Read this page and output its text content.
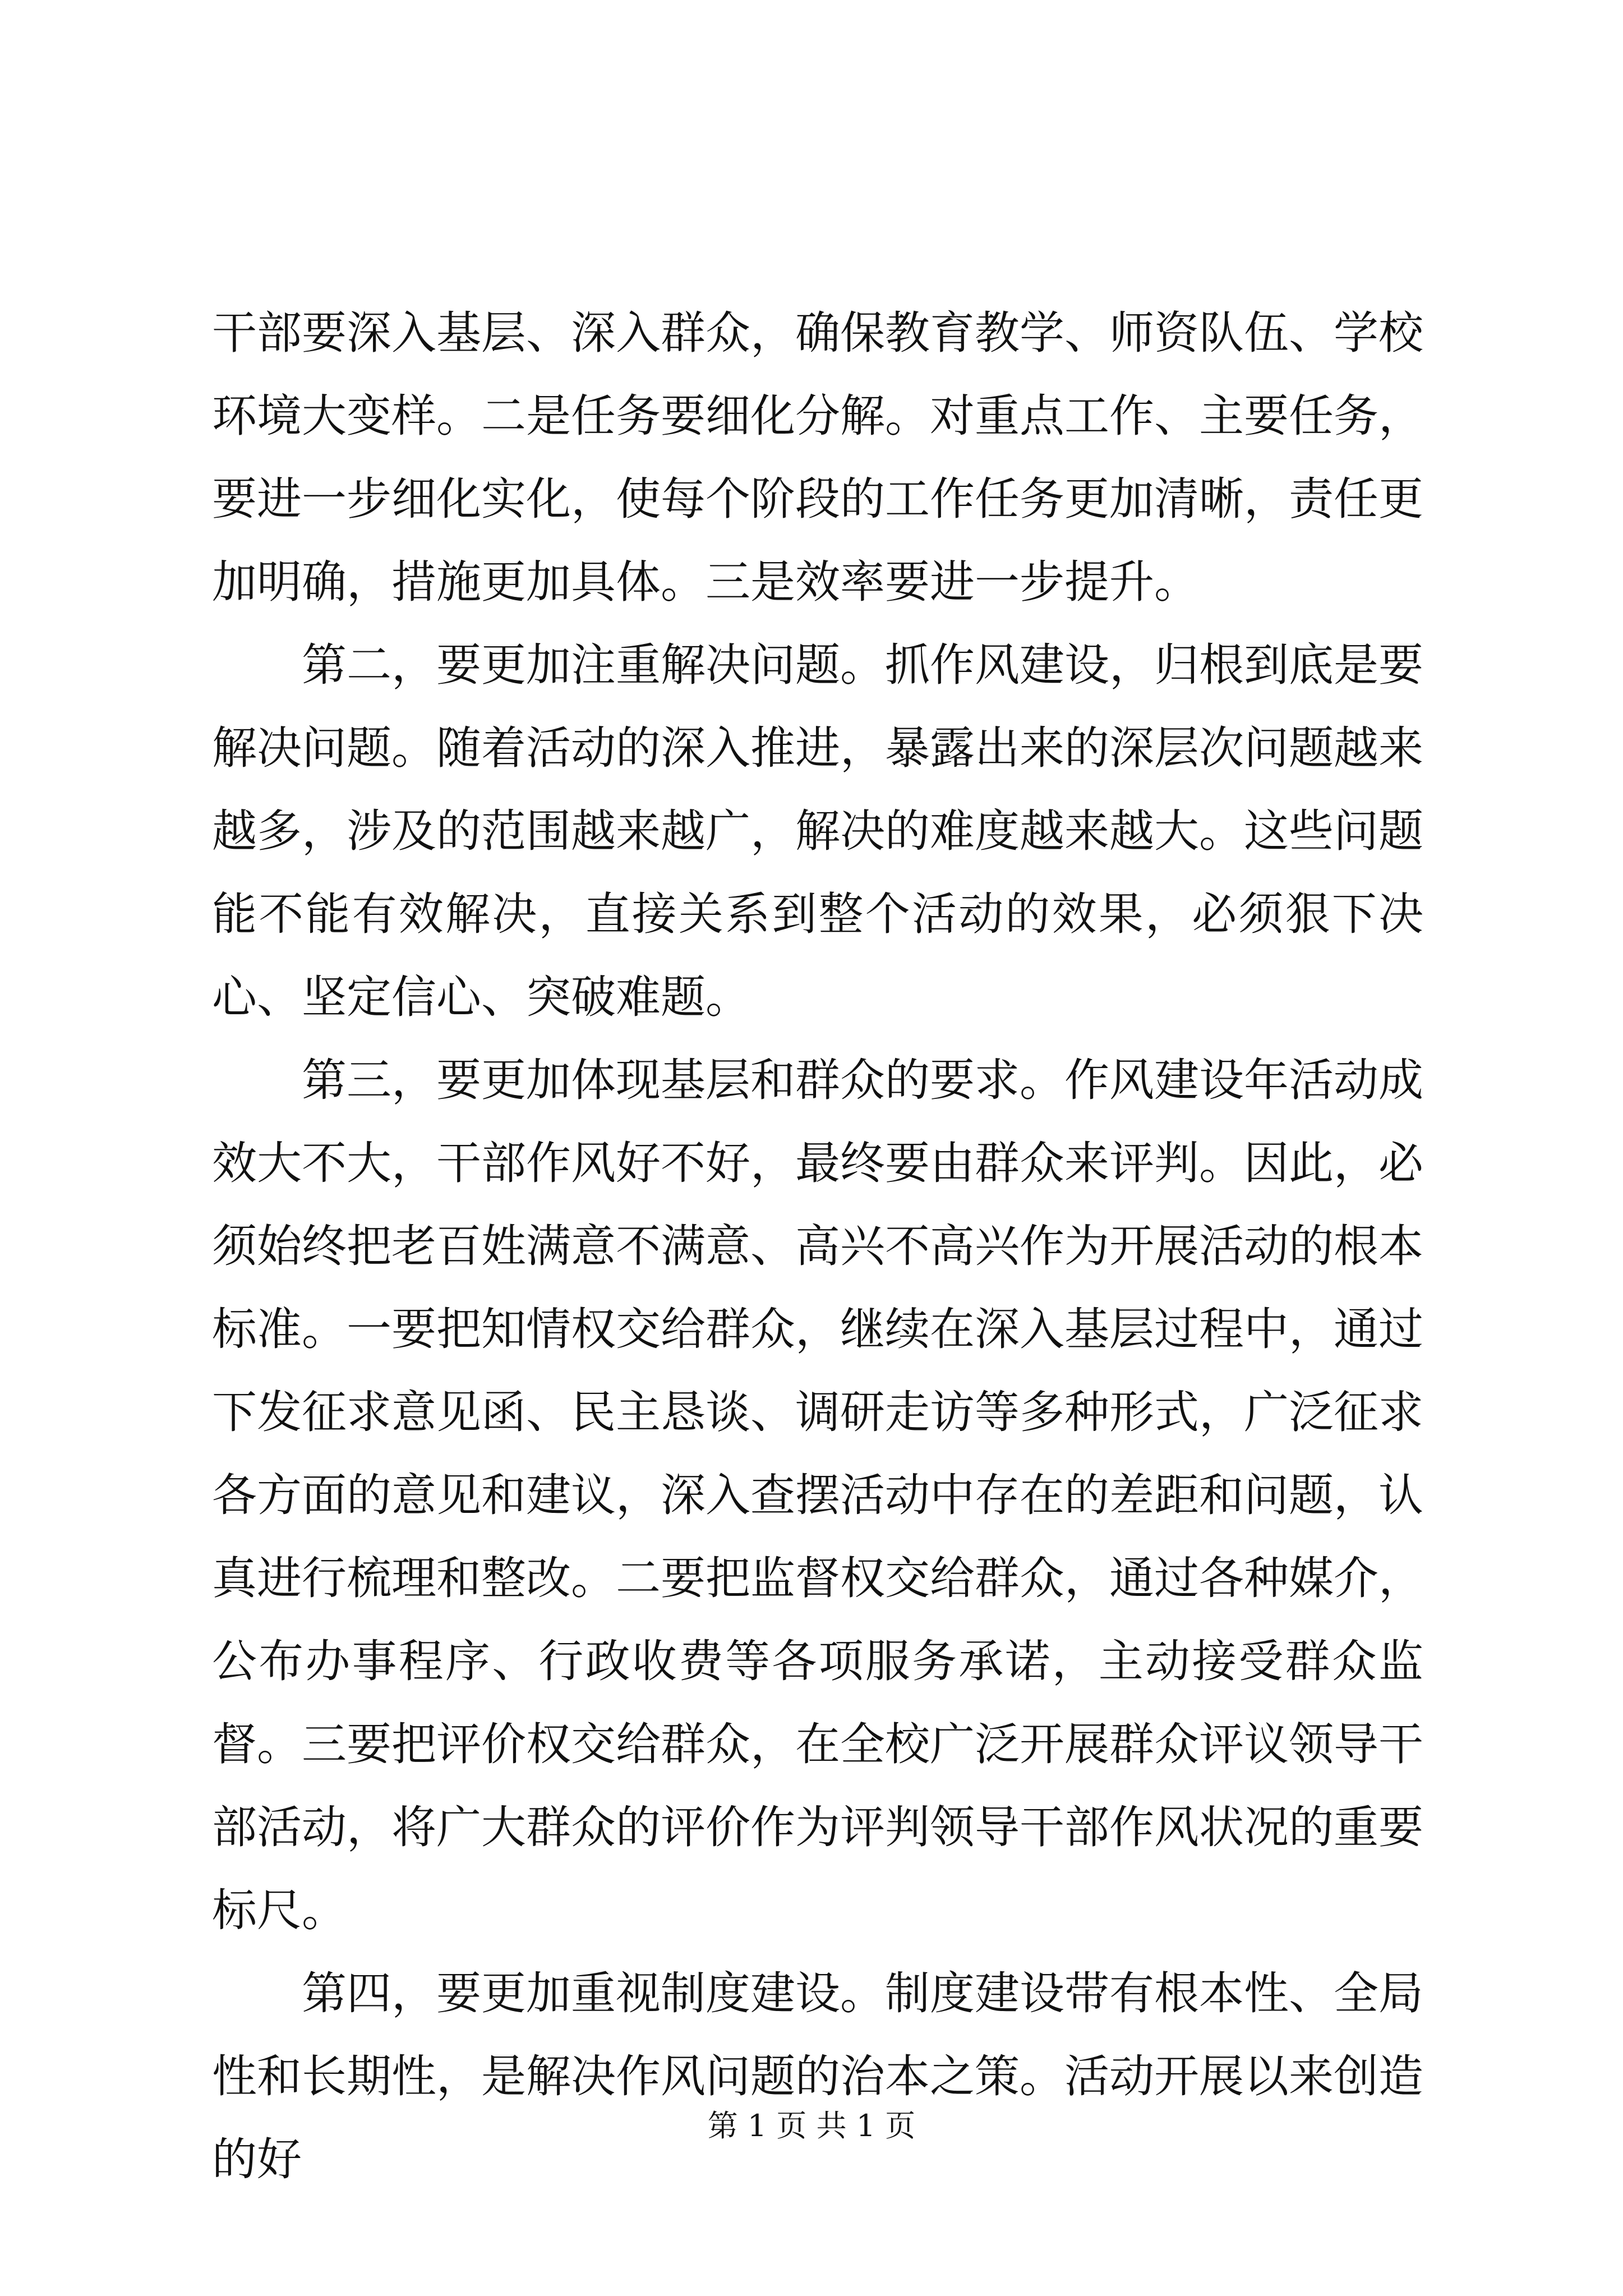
干部要深入基层、深入群众，确保教育教学、师资队伍、学校环境大变样。二是任务要细化分解。对重点工作、主要任务，要进一步细化实化，使每个阶段的工作任务更加清晰，责任更加明确，措施更加具体。三是效率要进一步提升。

第二，要更加注重解决问题。抓作风建设，归根到底是要解决问题。随着活动的深入推进，暴露出来的深层次问题越来越多，涉及的范围越来越广，解决的难度越来越大。这些问题能不能有效解决，直接关系到整个活动的效果，必须狠下决心、坚定信心、突破难题。

第三，要更加体现基层和群众的要求。作风建设年活动成效大不大，干部作风好不好，最终要由群众来评判。因此，必须始终把老百姓满意不满意、高兴不高兴作为开展活动的根本标准。一要把知情权交给群众，继续在深入基层过程中，通过下发征求意见函、民主恳谈、调研走访等多种形式，广泛征求各方面的意见和建议，深入查摆活动中存在的差距和问题，认真进行梳理和整改。二要把监督权交给群众，通过各种媒介，公布办事程序、行政收费等各项服务承诺，主动接受群众监督。三要把评价权交给群众，在全校广泛开展群众评议领导干部活动，将广大群众的评价作为评判领导干部作风状况的重要标尺。

第四，要更加重视制度建设。制度建设带有根本性、全局性和长期性，是解决作风问题的治本之策。活动开展以来创造的好

第 1 页 共 1 页
